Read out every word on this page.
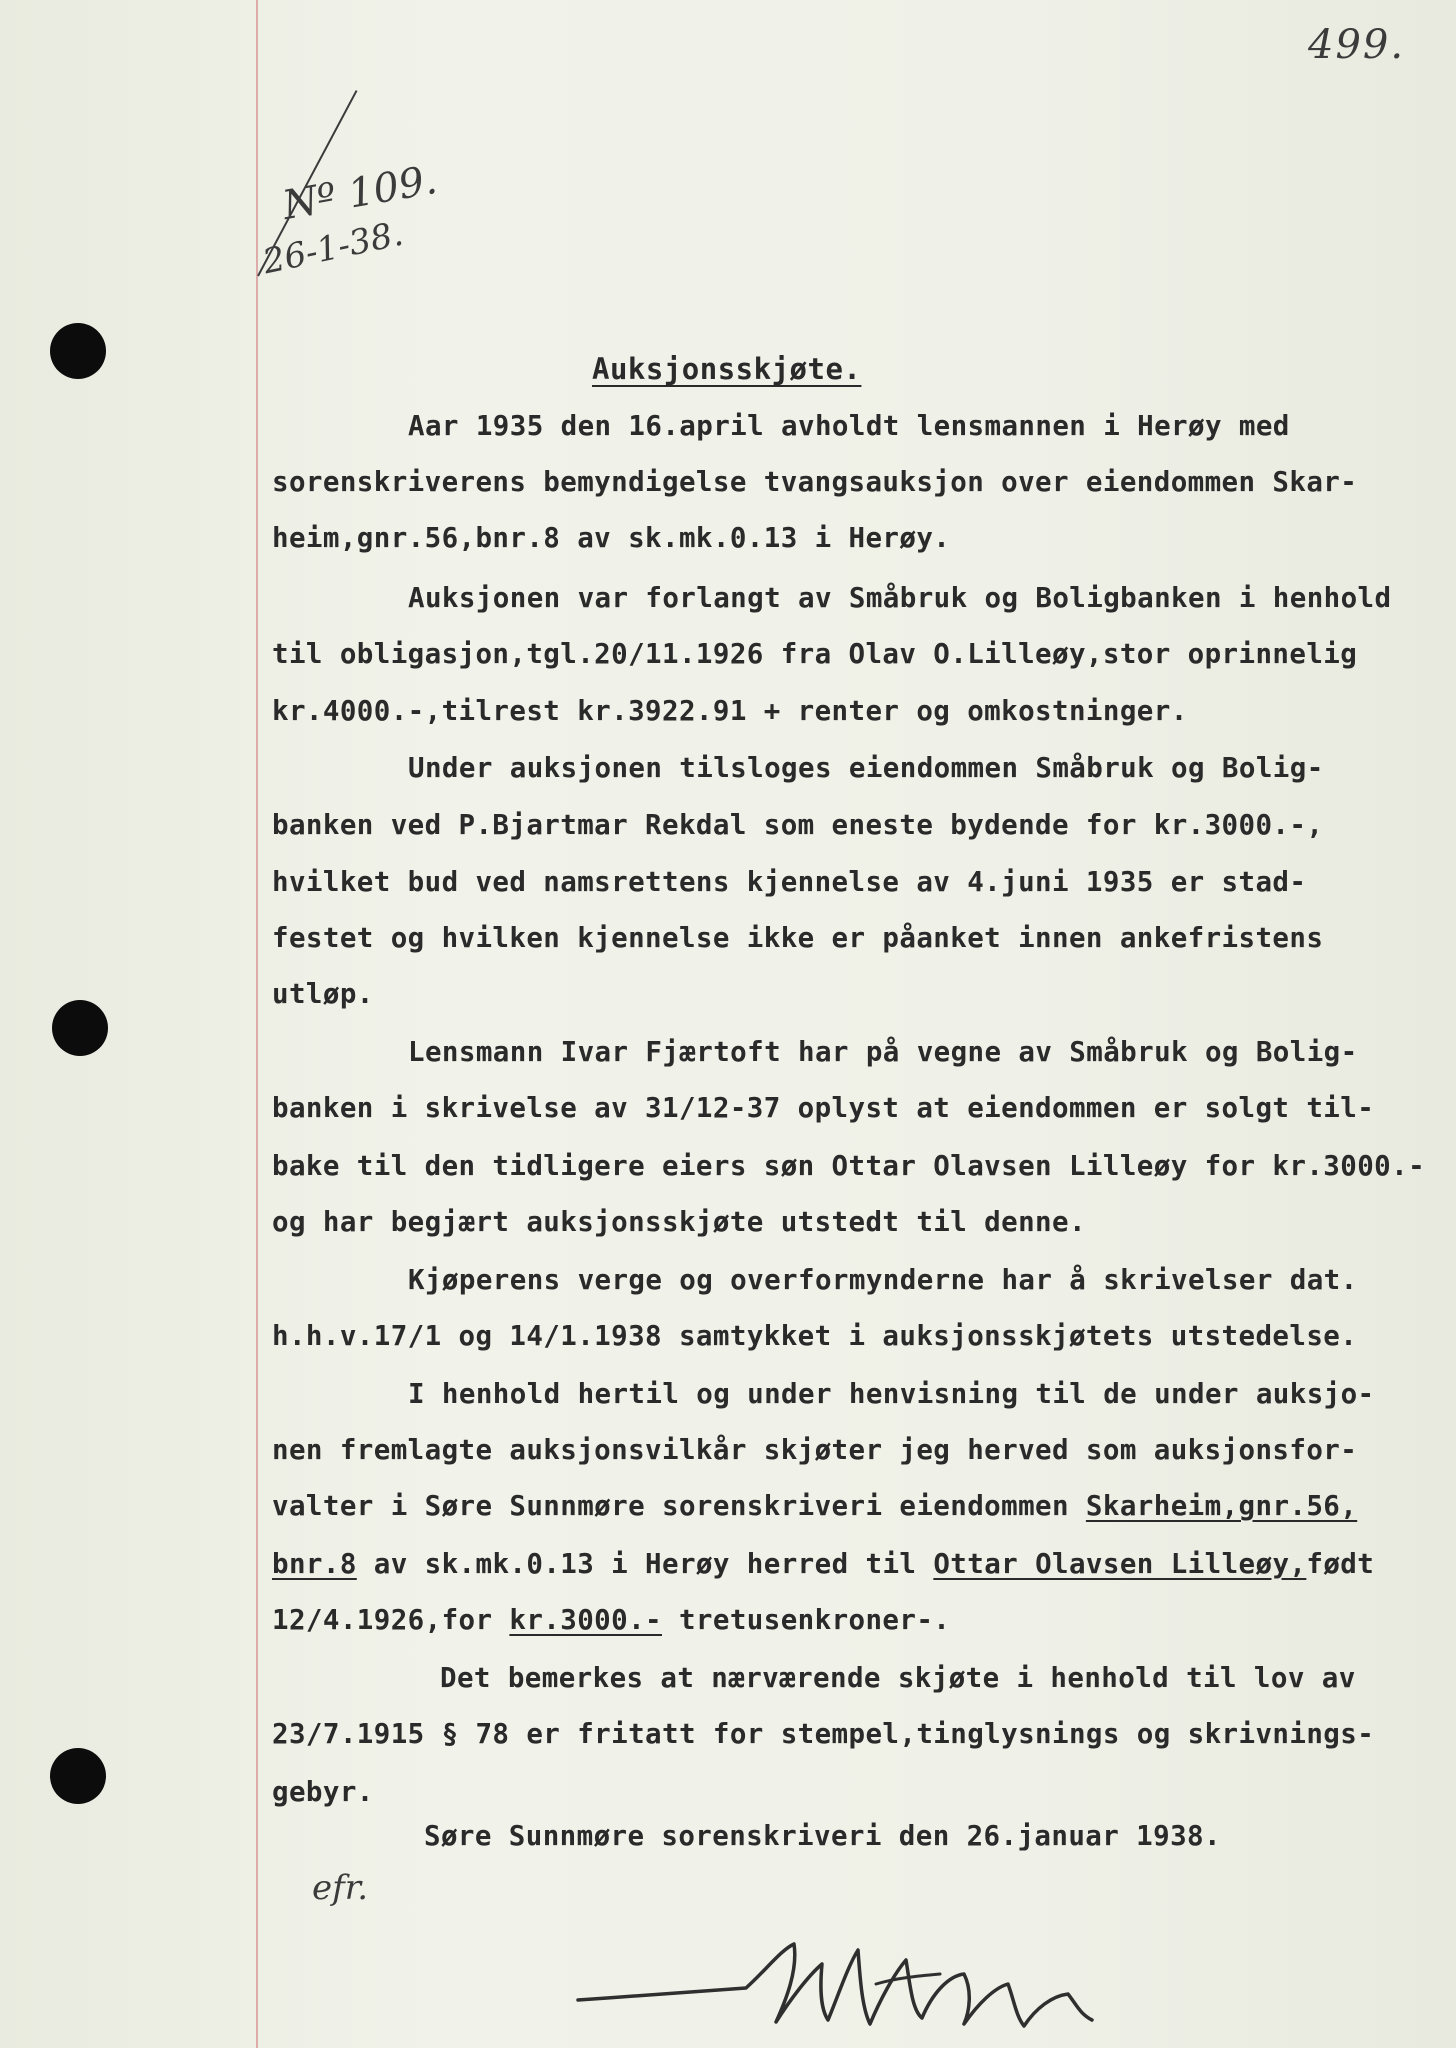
499.
Nº 109.
26-1-38.
Auksjonsskjøte.
Aar 1935 den 16.april avholdt lensmannen i Herøy med
sorenskriverens bemyndigelse tvangsauksjon over eiendommen Skar-
heim,gnr.56,bnr.8 av sk.mk.0.13 i Herøy.
Auksjonen var forlangt av Småbruk og Boligbanken i henhold
til obligasjon,tgl.20/11.1926 fra Olav O.Lilleøy,stor oprinnelig
kr.4000.-,tilrest kr.3922.91 + renter og omkostninger.
Under auksjonen tilsloges eiendommen Småbruk og Bolig-
banken ved P.Bjartmar Rekdal som eneste bydende for kr.3000.-,
hvilket bud ved namsrettens kjennelse av 4.juni 1935 er stad-
festet og hvilken kjennelse ikke er påanket innen ankefristens
utløp.
Lensmann Ivar Fjærtoft har på vegne av Småbruk og Bolig-
banken i skrivelse av 31/12-37 oplyst at eiendommen er solgt til-
bake til den tidligere eiers søn Ottar Olavsen Lilleøy for kr.3000.-
og har begjært auksjonsskjøte utstedt til denne.
Kjøperens verge og overformynderne har å skrivelser dat.
h.h.v.17/1 og 14/1.1938 samtykket i auksjonsskjøtets utstedelse.
I henhold hertil og under henvisning til de under auksjo-
nen fremlagte auksjonsvilkår skjøter jeg herved som auksjonsfor-
valter i Søre Sunnmøre sorenskriveri eiendommen Skarheim,gnr.56,
bnr.8 av sk.mk.0.13 i Herøy herred til Ottar Olavsen Lilleøy,født
12/4.1926,for kr.3000.- tretusenkroner-.
Det bemerkes at nærværende skjøte i henhold til lov av
23/7.1915 § 78 er fritatt for stempel,tinglysnings og skrivnings-
gebyr.
Søre Sunnmøre sorenskriveri den 26.januar 1938.
efr.
